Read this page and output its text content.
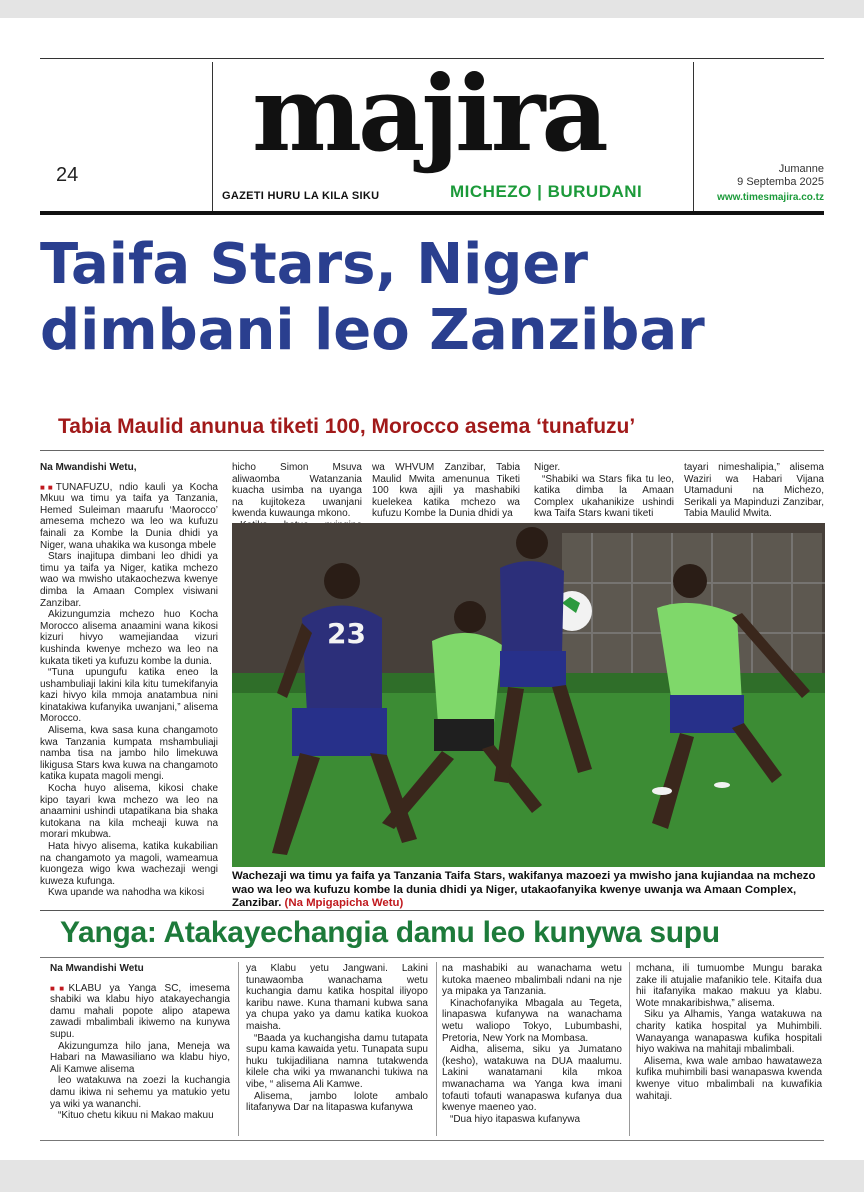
24 majira
GAZETI HURU LA KILA SIKU	MICHEZO | BURUDANI
Jumanne
9 Septemba 2025
www.timesmajira.co.tz
Taifa Stars, Niger
dimbani leo Zanzibar
Tabia Maulid anunua tiketi 100, Morocco asema ‘tunafuzu’
Na Mwandishi Wetu,

■■TUNAFUZU, ndio kauli ya Kocha Mkuu wa timu ya taifa ya Tanzania, Hemed Suleiman maarufu ‘Maorocco’ amesema mchezo wa leo wa kufuzu fainali za Kombe la Dunia dhidi ya Niger, wana uhakika wa kusonga mbele

Stars inajitupa dimbani leo dhidi ya timu ya taifa ya Niger, katika mchezo wao wa mwisho utakaochezwa kwenye dimba la Amaan Complex visiwani Zanzibar.

Akizungumzia mchezo huo Kocha Morocco alisema anaamini wana kikosi kizuri hivyo wamejiandaa vizuri kushinda kwenye mchezo wa leo na kukata tiketi ya kufuzu kombe la dunia.

“Tuna upungufu katika eneo la ushambuliaji lakini kila kitu tumekifanyia kazi hivyo kila mmoja anatambua nini kinatakiwa kufanyika uwanjani,” alisema Morocco.

Alisema, kwa sasa kuna changamoto kwa Tanzania kumpata mshambuliaji namba tisa na jambo hilo limekuwa likigusa Stars kwa kuwa na changamoto katika kupata magoli mengi.

Kocha huyo alisema, kikosi chake kipo tayari kwa mchezo wa leo na anaamini ushindi utapatikana bia shaka kutokana na kila mcheaji kuwa na morari mkubwa.

Hata hivyo alisema, katika kukabilian na changamoto ya magoli, wameamua kuongeza wigo kwa wachezaji wengi kuweza kufunga.

Kwa upande wa nahodha wa kikosi

hicho Simon Msuva aliwaomba Watanzania kuacha usimba na uyanga na kujitokeza uwanjani kwenda kuwaunga mkono.

wa WHVUM Zanzibar, Tabia Maulid Mwita amenunua Tiketi 100 kwa ajili ya mashabiki kuelekea katika mchezo wa kufuzu Kombe la Dunia dhidi ya

Niger.

“Shabiki wa Stars fika tu leo, katika dimba la Amaan Complex ukahanikize ushindi kwa Taifa Stars kwani tiketi

tayari nimeshalipia,” alisema Waziri wa Habari Vijana Utamaduni na Michezo, Serikali ya Mapinduzi Zanzibar, Tabia Maulid Mwita.

23
Wachezaji wa timu ya faifa ya Tanzania Taifa Stars, wakifanya mazoezi ya mwisho jana kujiandaa na mchezo wao wa leo wa kufuzu kombe la dunia dhidi ya Niger, utakaofanyika kwenye uwanja wa Amaan Complex, Zanzibar. (Na Mpigapicha Wetu)
Yanga: Atakayechangia damu leo kunywa supu
Na Mwandishi Wetu

■■KLABU ya Yanga SC, imesema shabiki wa klabu hiyo atakayechangia damu mahali popote alipo atapewa zawadi mbalimbali ikiwemo na kunywa supu.

Akizungumza hilo jana, Meneja wa Habari na Mawasiliano wa klabu hiyo, Ali Kamwe alisema

leo watakuwa na zoezi la kuchangia damu ikiwa ni sehemu ya matukio yetu ya wiki ya wananchi.

“Kituo chetu kikuu ni Makao makuu

ya Klabu yetu Jangwani. Lakini tunawaomba wanachama wetu kuchangia damu katika hospital iliyopo karibu nawe. Kuna thamani kubwa sana ya chupa yako ya damu katika kuokoa maisha.

“Baada ya kuchangisha damu tutapata supu kama kawaida yetu. Tunapata supu huku tukijadiliana namna tutakwenda kilele cha wiki ya mwananchi tukiwa na vibe, “ alisema Ali Kamwe.

Alisema, jambo lolote ambalo litafanywa Dar na litapaswa kufanywa

na mashabiki au wanachama wetu kutoka maeneo mbalimbali ndani na nje ya mipaka ya Tanzania.

Kinachofanyika Mbagala au Tegeta, linapaswa kufanywa na wanachama wetu waliopo Tokyo, Lubumbashi, Pretoria, New York na Mombasa.

Aidha, alisema, siku ya Jumatano (kesho), watakuwa na DUA maalumu. Lakini wanatamani kila mkoa mwanachama wa Yanga kwa imani tofauti tofauti wanapaswa kufanya dua kwenye maeneo yao.

“Dua hiyo itapaswa kufanywa

mchana, ili tumuombe Mungu baraka zake ili atujalie mafanikio tele. Kitaifa dua hii itafanyika makao makuu ya klabu. Wote mnakaribishwa,” alisema.

Siku ya Alhamis, Yanga watakuwa na charity katika hospital ya Muhimbili. Wanayanga wanapaswa kufika hospitali hiyo wakiwa na mahitaji mbalimbali.

Alisema, kwa wale ambao hawataweza kufika muhimbili basi wanapaswa kwenda kwenye vituo mbalimbali na kuwafikia wahitaji.
